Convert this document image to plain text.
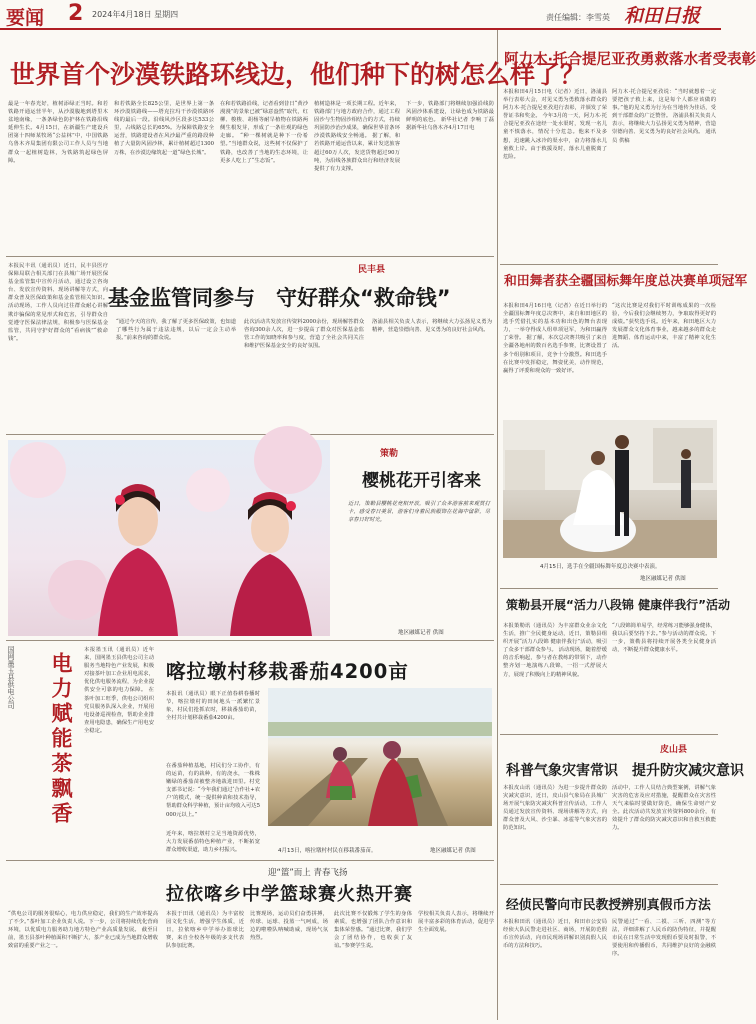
要闻 2 2024年4月18日 星期四	责任编辑：李雪英 和田日报
世界首个沙漠铁路环线边，他们种下的树怎么样了？
最是一年春光好，植树添绿正当时。和若铁路开通运营半年，从沙漠腹地到塔里木盆地南缘，一条条绿色防护林在铁路沿线延伸生长。4月15日，在新疆生产建设兵团第十四师某牧场“公益林”中，中国铁路乌鲁木齐局集团有限公司工作人员与当地群众一起植树造林，为铁路筑起绿色屏障。
和若铁路全长825公里，是世界上第一条环沙漠铁路线——塔克拉玛干沙漠铁路环线的最后一段。沿线风沙区段多达533公里，占线路总长的65%。为保障铁路安全运营，铁路建设者在风沙最严重的路段种植了大量防风固沙林，累计植树超过1300万株，在沙漠边缘筑起一道“绿色长城”。
在和若铁路沿线，记者看到昔日“黄沙漫漫”的景象已被“绿意盎然”取代，红柳、梭梭、胡杨等耐旱植物在铁路两侧生根发芽，形成了一条壮观的绿色走廊。 “种一棵树就是种下一份希望。”当地群众说，这些树不仅保护了铁路，也改善了当地的生态环境，让更多人吃上了“生态饭”。
植树造林是一项长期工程。近年来，铁路部门与地方政府合作，通过工程固沙与生物固沙相结合的方式，持续巩固防沙治沙成果，确保世界首条环沙漠铁路线安全畅通。 据了解，和若铁路开通运营以来，累计发送旅客超过60万人次，发送货物超过90万吨，为沿线各族群众出行和经济发展提供了有力支撑。
下一步，铁路部门将继续加强沿线防风固沙体系建设，让绿色成为铁路最鲜明的底色。 新华社记者 李响 丁磊 据新华社乌鲁木齐4月17日电
阿力木·托合提尼亚孜勇救落水者受表彰
本报和田4月15日电（记者）近日，洛浦县举行表彰大会，对见义勇为勇救落水群众的阿力木·托合提尼亚孜进行表彰，并颁发了荣誉证书和奖金。 今年3月的一天，阿力木·托合提尼亚孜在途经一处水渠时，发现一名儿童不慎落水，情况十分危急。他来不及多想，迅速跳入冰冷的渠水中，奋力将落水儿童救上岸。由于救援及时，落水儿童脱离了危险。
阿力木·托合提尼亚孜说：“当时就想着一定要把孩子救上来，这是每个人都应该做的事。”他的见义勇为行为在当地传为佳话，受到干部群众的广泛赞誉。 洛浦县相关负责人表示，将继续大力弘扬见义勇为精神，营造崇德向善、见义勇为的良好社会风尚。 通讯员 供稿
和田舞者获全疆国标舞年度总决赛单项冠军
本报和田4月16日电（记者）在近日举行的全疆国标舞年度总决赛中，来自和田地区的选手凭借扎实的基本功和出色的舞台表现力，一举夺得成人组单项冠军，为和田赢得了荣誉。 据了解，本次总决赛共吸引了来自全疆各地州的数百名选手参赛，比赛设置了多个组别和项目，竞争十分激烈。和田选手在比赛中发挥稳定，舞姿优美，动作规范，赢得了评委和观众的一致好评。
“这次比赛是对我们平时训练成果的一次检验，今后我们会继续努力，争取取得更好的成绩。”获奖选手说。近年来，和田地区大力发展群众文化体育事业，越来越多的群众走进舞蹈、体育运动中来，丰富了精神文化生活。
4月15日，选手在全疆国标舞年度总决赛中表演。
地区融媒记者 供图
民丰县
基金监管同参与　守好群众“救命钱”
本报民丰讯（通讯员）近日，民丰县医疗保障局联合相关部门在县城广场开展医保基金监管集中宣传月活动，通过设立咨询台、发放宣传资料、现场讲解等方式，向群众普及医保政策和基金监管相关知识。 活动现场，工作人员向过往群众耐心讲解欺诈骗保的常见形式和危害，引导群众自觉遵守医保法律法规，积极参与医保基金监管，共同守护好群众的“看病钱”“救命钱”。
“通过今天的宣传，我了解了更多医保政策，也知道了哪些行为属于违法违规，以后一定会主动举报。”前来咨询的群众说。
此次活动共发放宣传资料2000余份，现场解答群众咨询300余人次，进一步提高了群众对医保基金监管工作的知晓率和参与度，营造了全社会共同关注和维护医保基金安全的良好氛围。
洛浦县相关负责人表示，将继续大力弘扬见义勇为精神，营造崇德向善、见义勇为的良好社会风尚。
策勒
樱桃花开引客来
近日，策勒县樱桃花竞相开放，吸引了众多游客前来观赏打卡，感受春日美景，游客们身着民族服饰在花海中留影，尽享春日好时光。
地区融媒记者 供图
国网墨玉县供电公司 电力赋能茶飘香
本报墨玉讯（通讯员）近年来，国网墨玉县供电公司主动服务当地特色产业发展，积极对接茶叶加工企业用电需求，优化供电服务流程，为企业提供安全可靠的电力保障。 在茶叶加工旺季，供电公司组织党员服务队深入企业，开展用电设备巡视检查，帮助企业排查用电隐患，确保生产用电安全稳定。
“供电公司的服务很贴心，电力供应稳定，我们的生产效率提高了不少。”茶叶加工企业负责人说。下一步，公司将持续优化营商环境，以优质电力服务助力地方特色产业高质量发展。 截至目前，墨玉县茶叶种植面积不断扩大，茶产业已成为当地群众增收致富的重要产业之一。
喀拉墩村移栽番茄4200亩
本报讯（通讯员）眼下正值春耕春播时节，喀拉墩村的田间地头一派繁忙景象，村民们抢抓农时，移栽番茄幼苗，全村共计划移栽番茄4200亩。
近年来，喀拉墩村立足当地资源优势，大力发展番茄特色种植产业，不断拓宽群众增收渠道，助力乡村振兴。	4月13日，喀拉墩村村民在移栽番茄苗。	地区融媒记者 供图
在番茄种植基地，村民们分工协作，有的运苗，有的栽种，有的浇水，一株株嫩绿的番茄苗被整齐地栽进田里。村党支部书记说：“今年我们通过‘合作社+农户’的模式，统一提供种苗和技术指导，帮助群众科学种植，预计亩均收入可达5000元以上。”
迎“篮”而上 青春飞扬
拉依喀乡中学篮球赛火热开赛
本报于田讯（通讯员）为丰富校园文化生活，增强学生体质，近日，拉依喀乡中学举办篮球比赛，来自全校各年级的多支代表队参加比赛。
比赛现场，运动员们奋勇拼搏，传球、运球、投篮一气呵成，场边的啦啦队呐喊助威，现场气氛热烈。
此次比赛不仅锻炼了学生的身体素质，也增强了团队合作意识和集体荣誉感。“通过比赛，我们学会了团结协作，也收获了友谊。”参赛学生说。
学校相关负责人表示，将继续开展丰富多彩的体育活动，促进学生全面发展。
策勒县开展“活力八段锦 健康伴我行”活动
本报策勒讯（通讯员）为丰富群众业余文化生活，推广全民健身运动，近日，策勒县组织开展“活力八段锦 健康伴我行”活动，吸引了众多干部群众参与。 活动现场，随着舒缓的音乐响起，参与者在教练的带领下，动作整齐划一地演练八段锦，一招一式舒展大方，展现了积极向上的精神风貌。
“八段锦简单易学，经常练习能够强身健体，我以后要坚持下去。”参与活动的群众说。下一步，策勒县将持续开展各类全民健身活动，不断提升群众健康水平。
皮山县
科普气象灾害常识　提升防灾减灾意识
本报皮山讯（通讯员）为进一步提升群众防灾减灾意识，近日，皮山县气象局在县城广场开展气象防灾减灾科普宣传活动，工作人员通过发放宣传资料、现场讲解等方式，向群众普及大风、沙尘暴、冰雹等气象灾害的防范知识。
活动中，工作人员结合典型案例，讲解气象灾害的危害及应对措施，提醒群众在灾害性天气来临时要做好防范，确保生命财产安全。此次活动共发放宣传资料800余份，有效提升了群众的防灾减灾意识和自救互救能力。
经侦民警向市民教授辨别真假币方法
本报和田讯（通讯员）近日，和田市公安局经侦大队民警走进社区、商场，开展防范假币宣传活动，向市民现场讲解识别真假人民币的方法和技巧。
民警通过“一看、二摸、三听、四测”等方法，详细讲解了人民币的防伪特征，并提醒市民在日常生活中发现假币要及时报警，不要使用和传播假币，共同维护良好的金融秩序。
